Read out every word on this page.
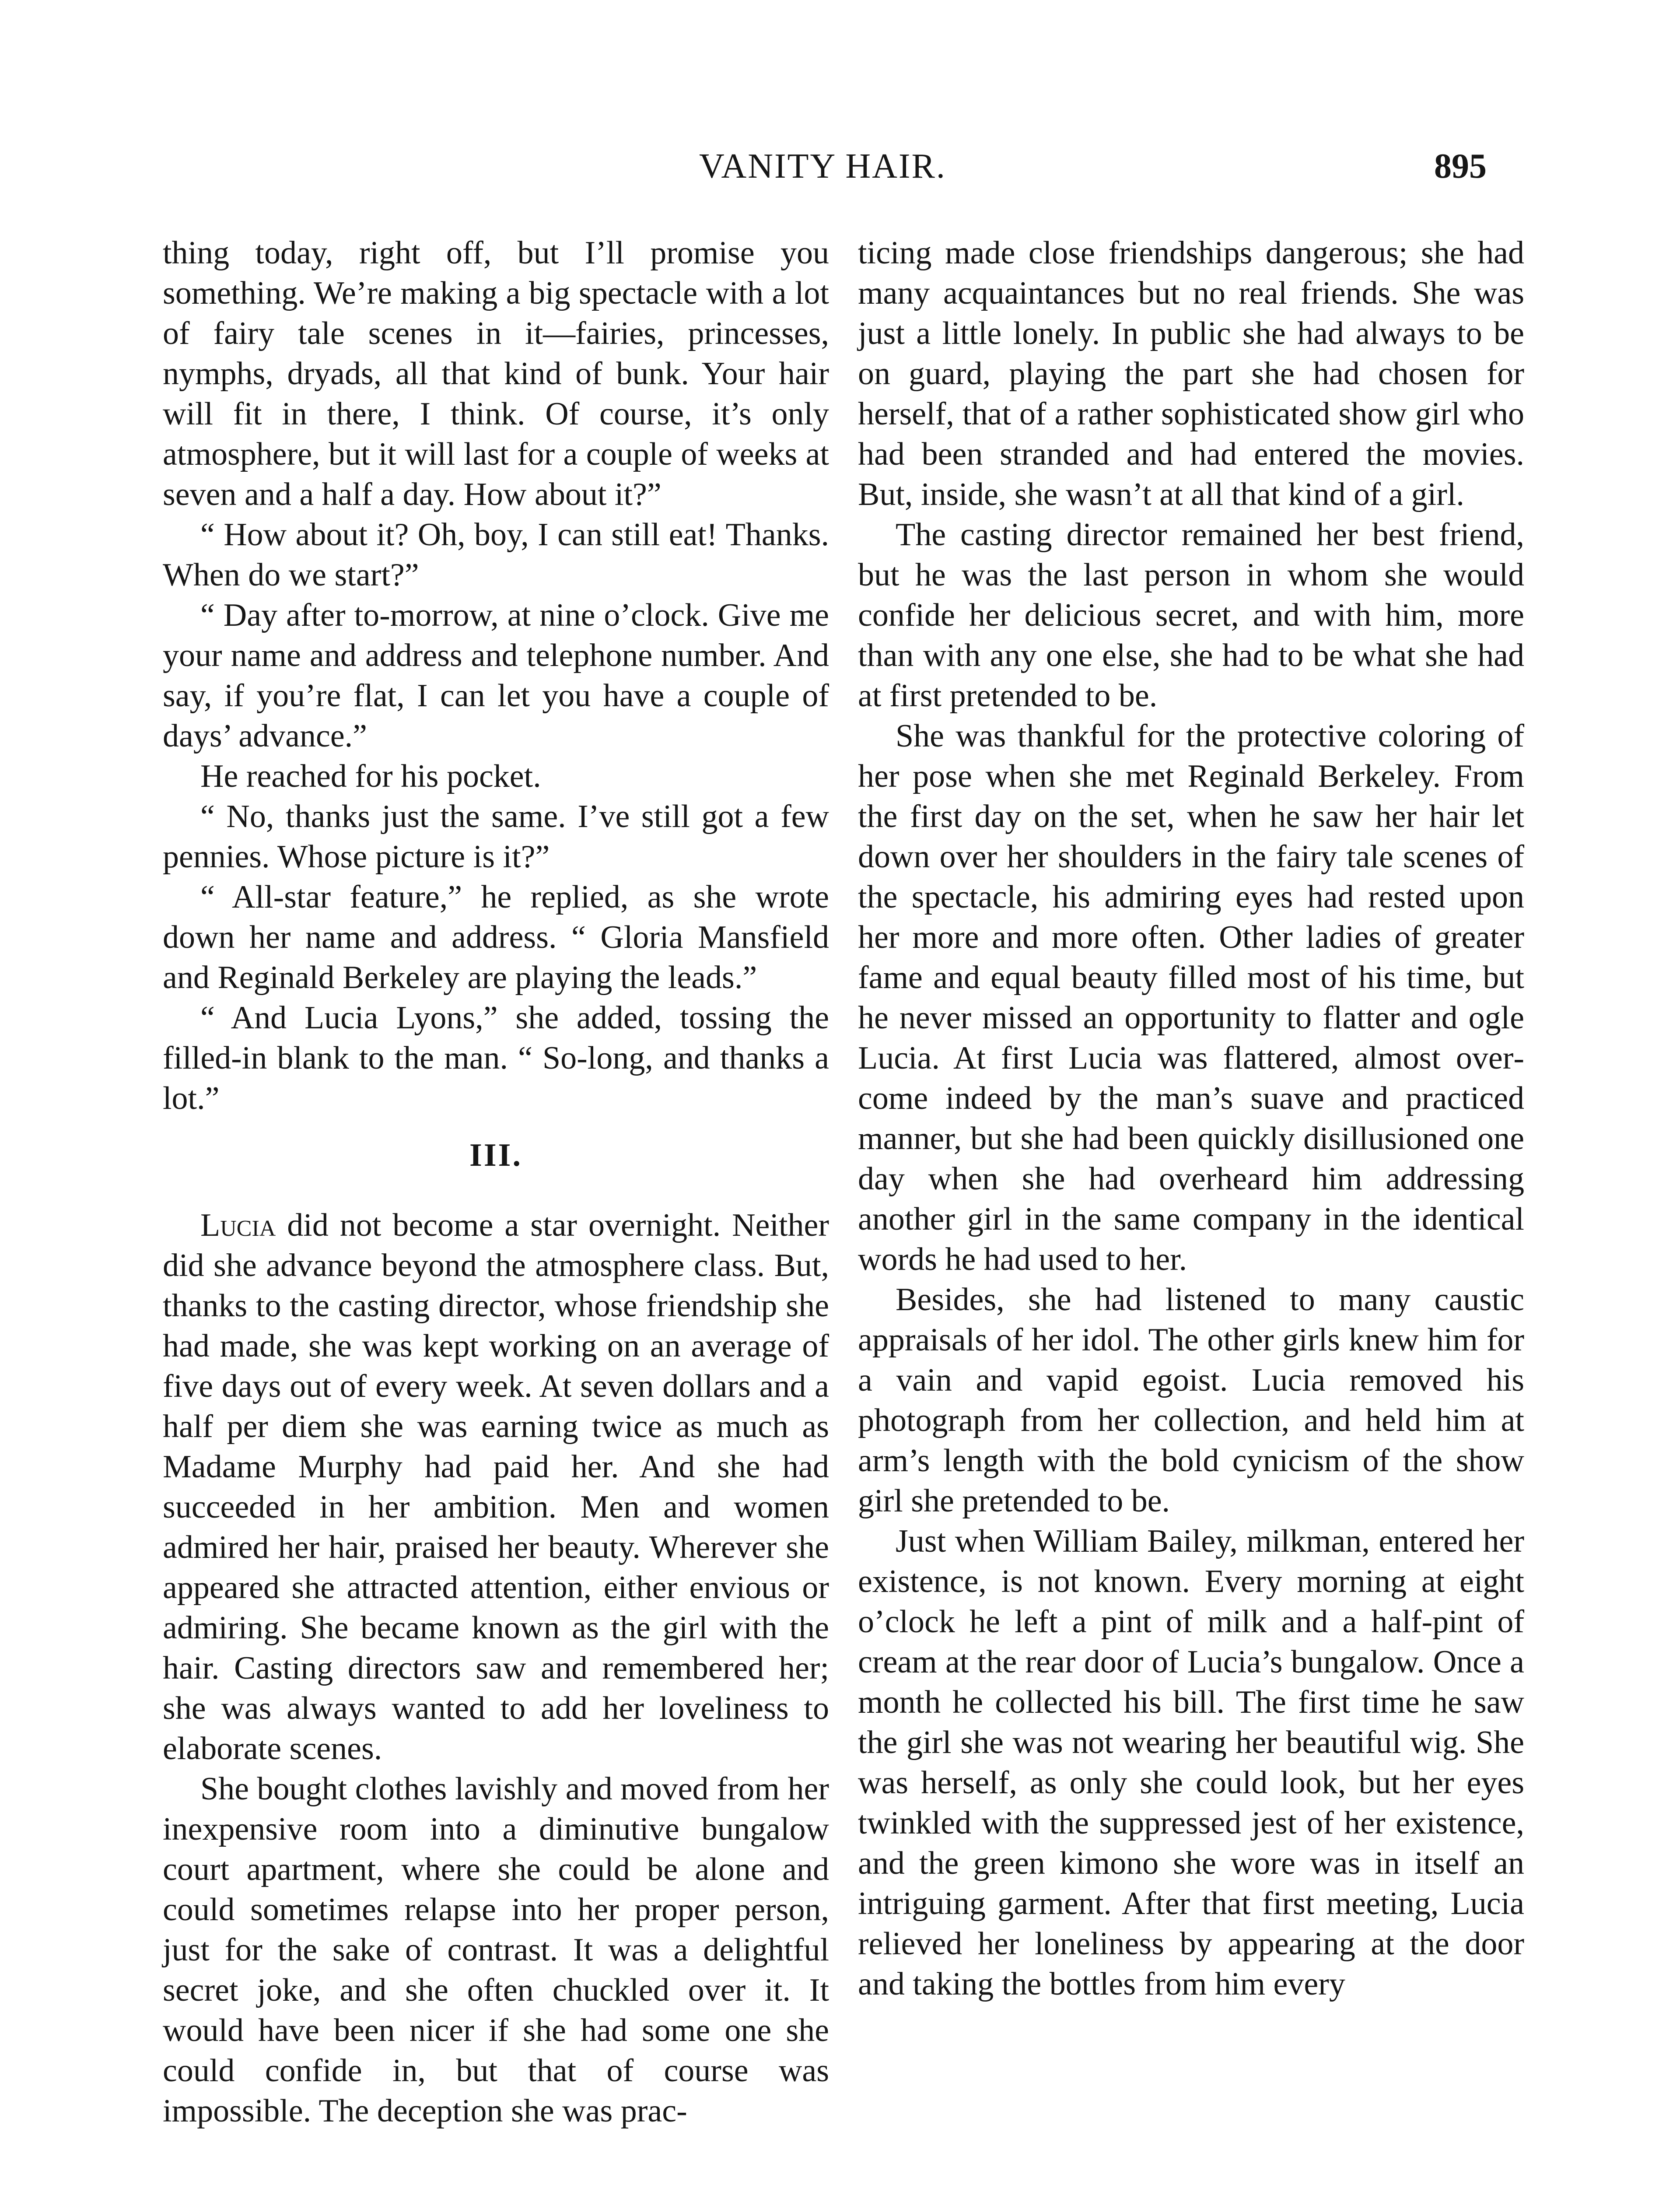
VANITY HAIR.	895

thing today, right off, but I’ll promise you something. We’re making a big spectacle with a lot of fairy tale scenes in it—fairies, princesses, nymphs, dryads, all that kind of bunk. Your hair will fit in there, I think. Of course, it’s only atmosphere, but it will last for a couple of weeks at seven and a half a day. How about it?”

“ How about it? Oh, boy, I can still eat! Thanks. When do we start?”

“ Day after to-morrow, at nine o’clock. Give me your name and address and telephone number. And say, if you’re flat, I can let you have a couple of days’ advance.”

He reached for his pocket.

“ No, thanks just the same. I’ve still got a few pennies. Whose picture is it?”

“ All-star feature,” he replied, as she wrote down her name and address. “ Gloria Mansfield and Reginald Berkeley are playing the leads.”

“ And Lucia Lyons,” she added, tossing the filled-in blank to the man. “ So-long, and thanks a lot.”

III.

Lucia did not become a star overnight. Neither did she advance beyond the atmosphere class. But, thanks to the casting director, whose friendship she had made, she was kept working on an average of five days out of every week. At seven dollars and a half per diem she was earning twice as much as Madame Murphy had paid her. And she had succeeded in her ambition. Men and women admired her hair, praised her beauty. Wherever she appeared she attracted attention, either envious or admiring. She became known as the girl with the hair. Casting directors saw and remembered her; she was always wanted to add her loveliness to elaborate scenes.

She bought clothes lavishly and moved from her inexpensive room into a diminutive bungalow court apartment, where she could be alone and could sometimes relapse into her proper person, just for the sake of contrast. It was a delightful secret joke, and she often chuckled over it. It would have been nicer if she had some one she could confide in, but that of course was impossible. The deception she was prac-

ticing made close friendships dangerous; she had many acquaintances but no real friends. She was just a little lonely. In public she had always to be on guard, playing the part she had chosen for herself, that of a rather sophisticated show girl who had been stranded and had entered the movies. But, inside, she wasn’t at all that kind of a girl.

The casting director remained her best friend, but he was the last person in whom she would confide her delicious secret, and with him, more than with any one else, she had to be what she had at first pretended to be.

She was thankful for the protective coloring of her pose when she met Reginald Berkeley. From the first day on the set, when he saw her hair let down over her shoulders in the fairy tale scenes of the spectacle, his admiring eyes had rested upon her more and more often. Other ladies of greater fame and equal beauty filled most of his time, but he never missed an opportunity to flatter and ogle Lucia. At first Lucia was flattered, almost overcome indeed by the man’s suave and practiced manner, but she had been quickly disillusioned one day when she had overheard him addressing another girl in the same company in the identical words he had used to her.

Besides, she had listened to many caustic appraisals of her idol. The other girls knew him for a vain and vapid egoist. Lucia removed his photograph from her collection, and held him at arm’s length with the bold cynicism of the show girl she pretended to be.

Just when William Bailey, milkman, entered her existence, is not known. Every morning at eight o’clock he left a pint of milk and a half-pint of cream at the rear door of Lucia’s bungalow. Once a month he collected his bill. The first time he saw the girl she was not wearing her beautiful wig. She was herself, as only she could look, but her eyes twinkled with the suppressed jest of her existence, and the green kimono she wore was in itself an intriguing garment. After that first meeting, Lucia relieved her loneliness by appearing at the door and taking the bottles from him every
